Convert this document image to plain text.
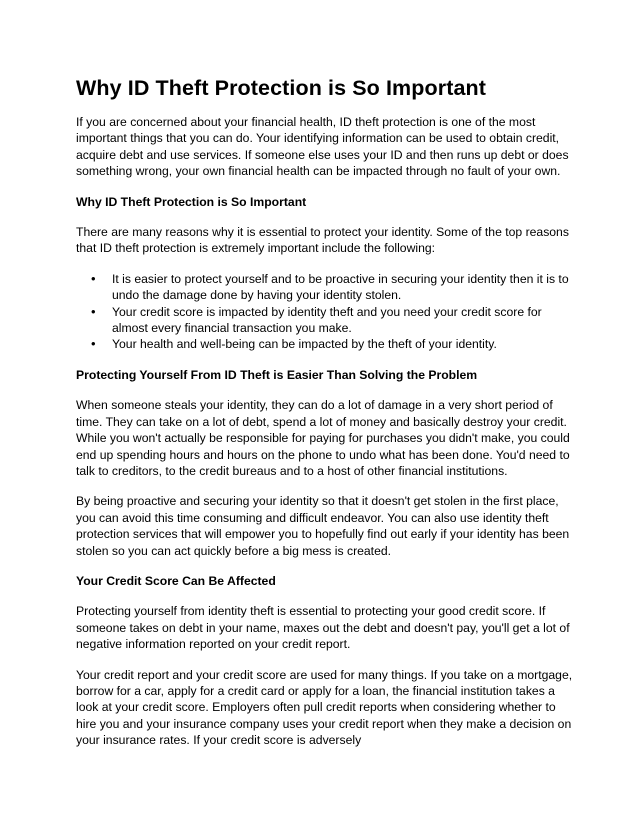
Why ID Theft Protection is So Important

If you are concerned about your financial health, ID theft protection is one of the most important things that you can do. Your identifying information can be used to obtain credit, acquire debt and use services. If someone else uses your ID and then runs up debt or does something wrong, your own financial health can be impacted through no fault of your own.

Why ID Theft Protection is So Important

There are many reasons why it is essential to protect your identity. Some of the top reasons that ID theft protection is extremely important include the following:

• It is easier to protect yourself and to be proactive in securing your identity then it is to undo the damage done by having your identity stolen.
• Your credit score is impacted by identity theft and you need your credit score for almost every financial transaction you make.
• Your health and well-being can be impacted by the theft of your identity.

Protecting Yourself From ID Theft is Easier Than Solving the Problem

When someone steals your identity, they can do a lot of damage in a very short period of time. They can take on a lot of debt, spend a lot of money and basically destroy your credit. While you won't actually be responsible for paying for purchases you didn't make, you could end up spending hours and hours on the phone to undo what has been done. You'd need to talk to creditors, to the credit bureaus and to a host of other financial institutions.

By being proactive and securing your identity so that it doesn't get stolen in the first place, you can avoid this time consuming and difficult endeavor. You can also use identity theft protection services that will empower you to hopefully find out early if your identity has been stolen so you can act quickly before a big mess is created.

Your Credit Score Can Be Affected

Protecting yourself from identity theft is essential to protecting your good credit score. If someone takes on debt in your name, maxes out the debt and doesn't pay, you'll get a lot of negative information reported on your credit report.

Your credit report and your credit score are used for many things. If you take on a mortgage, borrow for a car, apply for a credit card or apply for a loan, the financial institution takes a look at your credit score. Employers often pull credit reports when considering whether to hire you and your insurance company uses your credit report when they make a decision on your insurance rates. If your credit score is adversely
